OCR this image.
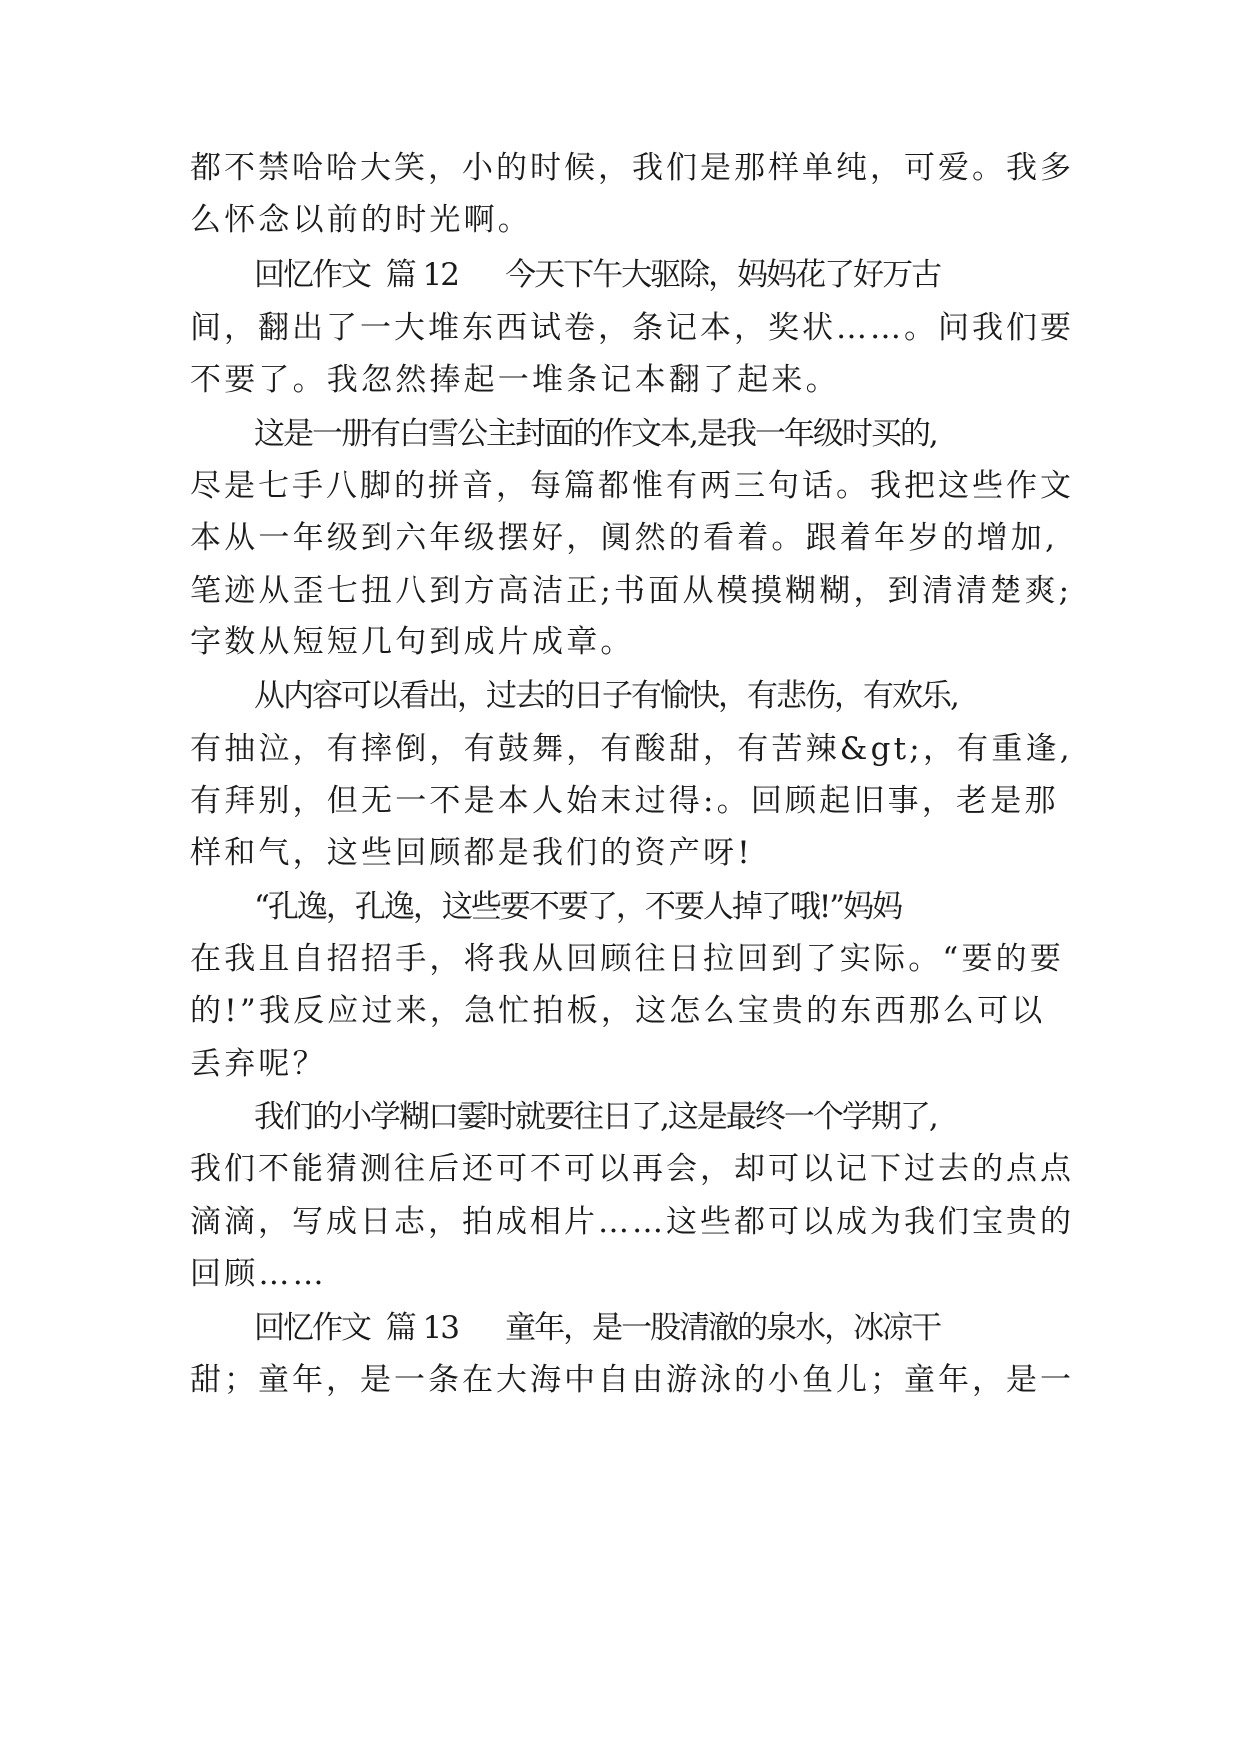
都不禁哈哈大笑，小的时候，我们是那样单纯，可爱。我多
么怀念以前的时光啊。
回忆作文  篇 12      今天下午大驱除，妈妈花了好万古
间，翻出了一大堆东西试卷，条记本，奖状……。问我们要
不要了。我忽然捧起一堆条记本翻了起来。
这是一册有白雪公主封面的作文本,是我一年级时买的,
尽是七手八脚的拼音，每篇都惟有两三句话。我把这些作文
本从一年级到六年级摆好，阒然的看着。跟着年岁的增加,
笔迹从歪七扭八到方高洁正;书面从模摸糊糊，到清清楚爽;
字数从短短几句到成片成章。
从内容可以看出，过去的日子有愉快，有悲伤，有欢乐,
有抽泣，有摔倒，有鼓舞，有酸甜，有苦辣&gt;，有重逢,
有拜别，但无一不是本人始末过得:。回顾起旧事，老是那
样和气，这些回顾都是我们的资产呀!
“孔逸，孔逸，这些要不要了，不要人掉了哦!”妈妈
在我且自招招手，将我从回顾往日拉回到了实际。“要的要
的!”我反应过来，急忙拍板，这怎么宝贵的东西那么可以
丢弃呢？
我们的小学糊口霎时就要往日了,这是最终一个学期了,
我们不能猜测往后还可不可以再会，却可以记下过去的点点
滴滴，写成日志，拍成相片……这些都可以成为我们宝贵的
回顾……
回忆作文  篇 13      童年，是一股清澈的泉水，冰凉干
甜；童年，是一条在大海中自由游泳的小鱼儿；童年，是一
